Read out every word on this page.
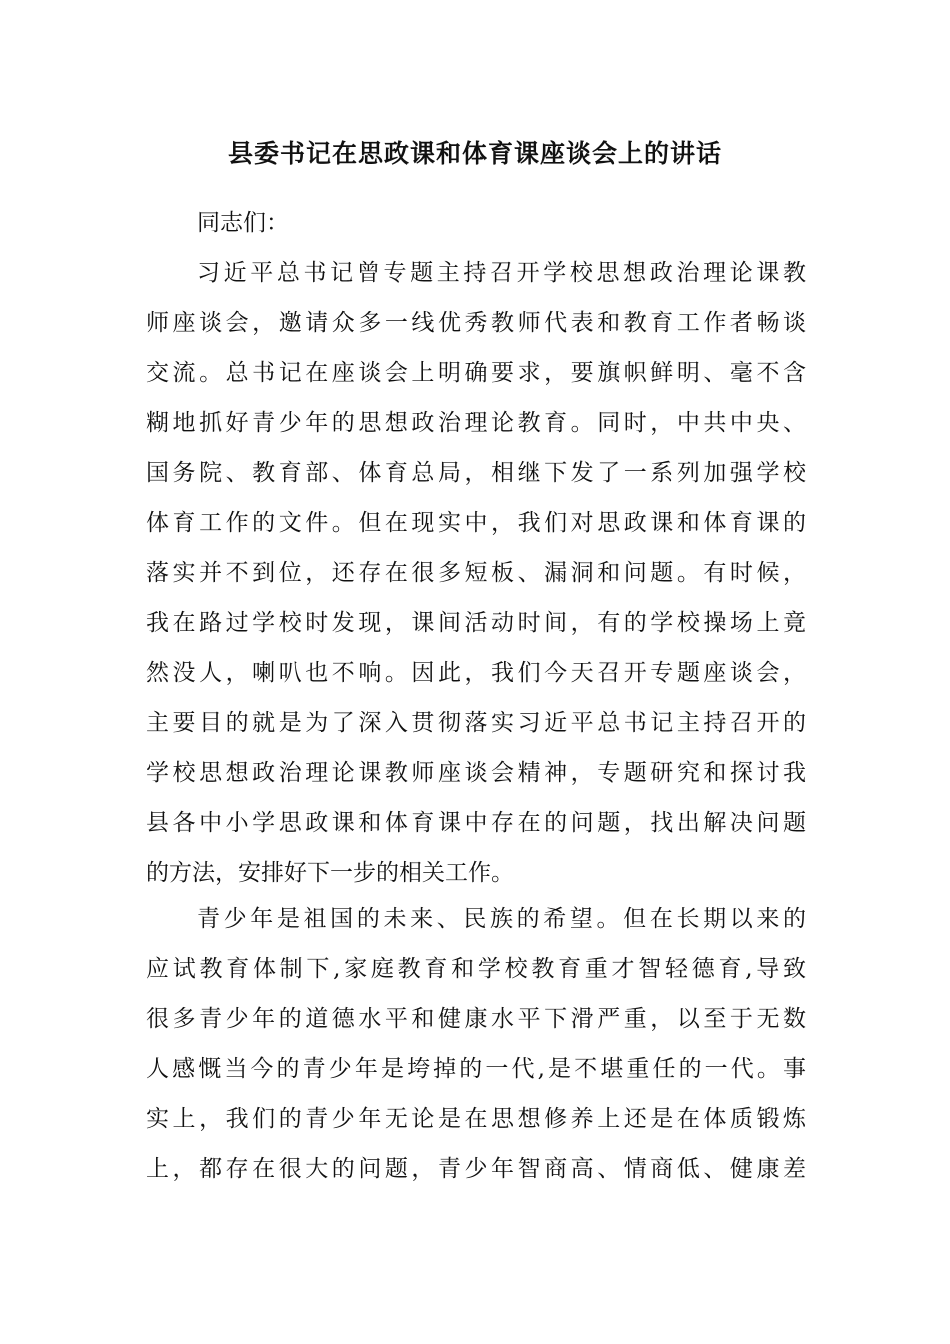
县委书记在思政课和体育课座谈会上的讲话
同志们：
习近平总书记曾专题主持召开学校思想政治理论课教
师座谈会，邀请众多一线优秀教师代表和教育工作者畅谈
交流。总书记在座谈会上明确要求，要旗帜鲜明、毫不含
糊地抓好青少年的思想政治理论教育。同时，中共中央、
国务院、教育部、体育总局，相继下发了一系列加强学校
体育工作的文件。但在现实中，我们对思政课和体育课的
落实并不到位，还存在很多短板、漏洞和问题。有时候，
我在路过学校时发现，课间活动时间，有的学校操场上竟
然没人，喇叭也不响。因此，我们今天召开专题座谈会，
主要目的就是为了深入贯彻落实习近平总书记主持召开的
学校思想政治理论课教师座谈会精神，专题研究和探讨我
县各中小学思政课和体育课中存在的问题，找出解决问题
的方法，安排好下一步的相关工作。
青少年是祖国的未来、民族的希望。但在长期以来的
应试教育体制下,家庭教育和学校教育重才智轻德育,导致
很多青少年的道德水平和健康水平下滑严重，以至于无数
人感慨当今的青少年是垮掉的一代,是不堪重任的一代。事
实上，我们的青少年无论是在思想修养上还是在体质锻炼
上，都存在很大的问题，青少年智商高、情商低、健康差
